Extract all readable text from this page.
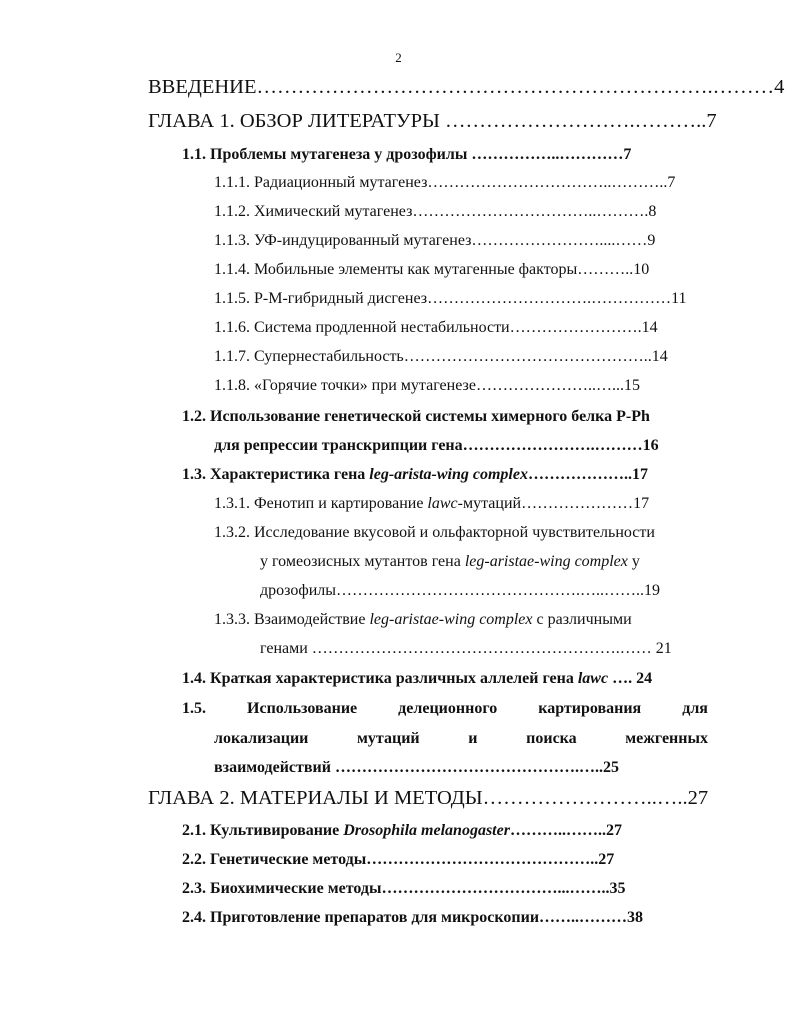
2
ВВЕДЕНИЕ………………………………………………………….………4
ГЛАВА 1. ОБЗОР ЛИТЕРАТУРЫ ……………………….………..7
1.1. Проблемы мутагенеза у дрозофилы ……………..…………7
1.1.1. Радиационный мутагенез……………………………..………..7
1.1.2. Химический мутагенез……………………………..……….8
1.1.3. УФ-индуцированный мутагенез……………………....……9
1.1.4. Мобильные элементы как мутагенные факторы………..10
1.1.5. Р-М-гибридный дисгенез………………………….……………11
1.1.6. Система продленной нестабильности…………………….14
1.1.7. Супернестабильность………………………………………..14
1.1.8. «Горячие точки» при мутагенезе…………………..…...15
1.2. Использование генетической системы химерного белка P-Ph
для репрессии транскрипции гена…………………….………16
1.3. Характеристика гена leg-arista-wing complex………………..17
1.3.1. Фенотип и картирование lawc-мутаций…………………17
1.3.2. Исследование вкусовой и ольфакторной чувствительности
у гомеозисных мутантов гена leg-aristae-wing complex у
дрозофилы……………………………………….…..……..19
1.3.3. Взаимодействие leg-aristae-wing complex с различными
генами ………………………………………………….…… 21
1.4. Краткая характеристика различных аллелей гена lawc …. 24
1.5.	Использование	делеционного	картирования	для
локализации	мутаций	и	поиска	межгенных
взаимодействий ……………………………………….…..25
ГЛАВА 2. МАТЕРИАЛЫ И МЕТОДЫ……………………..…..27
2.1. Культивирование Drosophila melanogaster………..……..27
2.2. Генетические методы……………………………………..27
2.3. Биохимические методы……………………………...……..35
2.4. Приготовление препаратов для микроскопии……..………38
